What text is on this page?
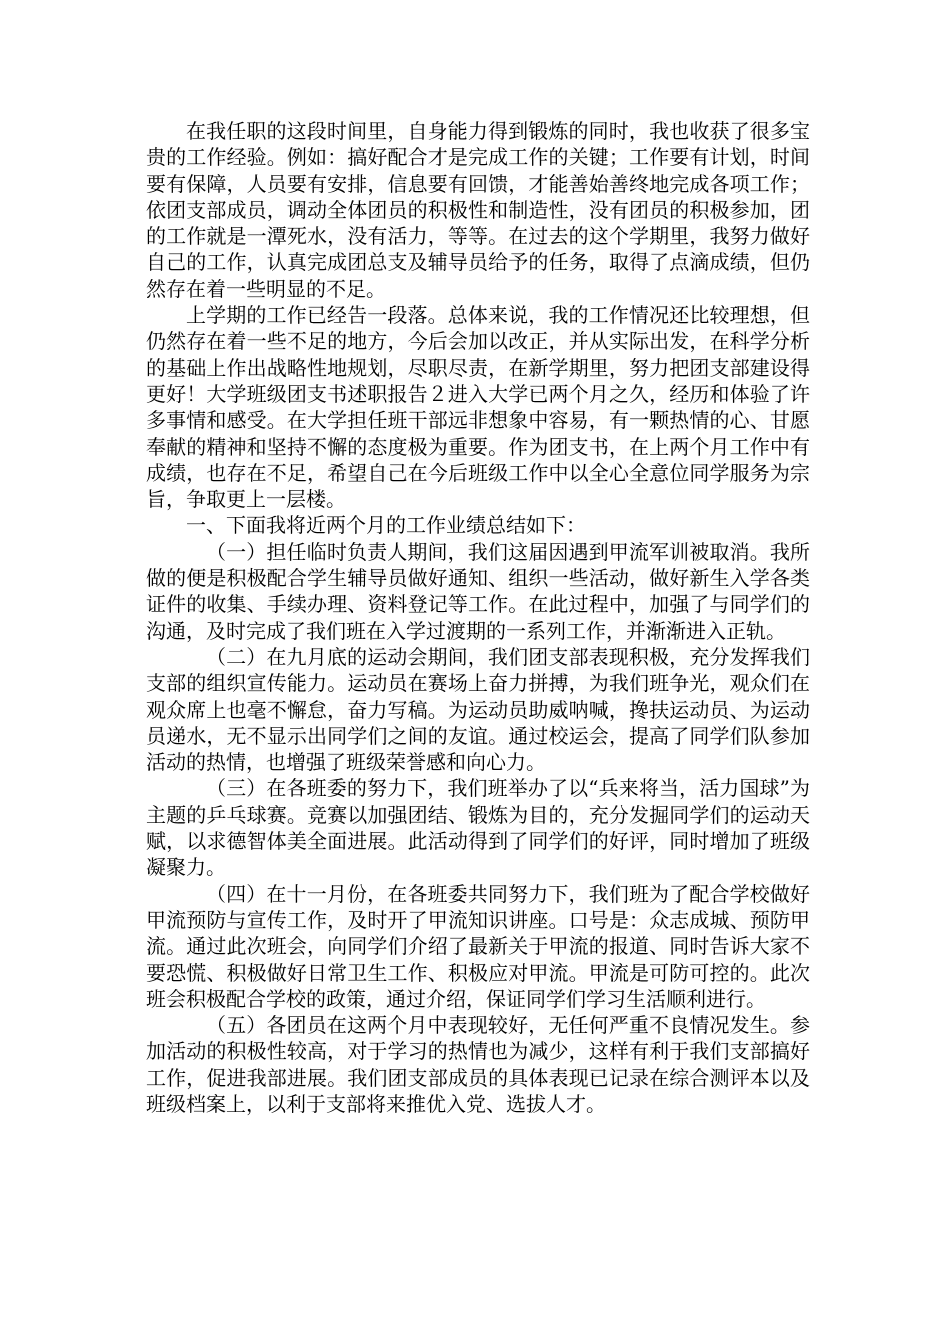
在我任职的这段时间里，自身能力得到锻炼的同时，我也收获了很多宝贵的工作经验。例如：搞好配合才是完成工作的关键；工作要有计划，时间要有保障，人员要有安排，信息要有回馈，才能善始善终地完成各项工作；依团支部成员，调动全体团员的积极性和制造性，没有团员的积极参加，团的工作就是一潭死水，没有活力，等等。在过去的这个学期里，我努力做好自己的工作，认真完成团总支及辅导员给予的任务，取得了点滴成绩，但仍然存在着一些明显的不足。

上学期的工作已经告一段落。总体来说，我的工作情况还比较理想，但仍然存在着一些不足的地方，今后会加以改正，并从实际出发，在科学分析的基础上作出战略性地规划，尽职尽责，在新学期里，努力把团支部建设得更好！大学班级团支书述职报告２进入大学已两个月之久，经历和体验了许多事情和感受。在大学担任班干部远非想象中容易，有一颗热情的心、甘愿奉献的精神和坚持不懈的态度极为重要。作为团支书，在上两个月工作中有成绩，也存在不足，希望自己在今后班级工作中以全心全意位同学服务为宗旨，争取更上一层楼。

一、下面我将近两个月的工作业绩总结如下：

（一）担任临时负责人期间，我们这届因遇到甲流军训被取消。我所做的便是积极配合学生辅导员做好通知、组织一些活动，做好新生入学各类证件的收集、手续办理、资料登记等工作。在此过程中，加强了与同学们的沟通，及时完成了我们班在入学过渡期的一系列工作，并渐渐进入正轨。

（二）在九月底的运动会期间，我们团支部表现积极，充分发挥我们支部的组织宣传能力。运动员在赛场上奋力拼搏，为我们班争光，观众们在观众席上也毫不懈怠，奋力写稿。为运动员助威呐喊，搀扶运动员、为运动员递水，无不显示出同学们之间的友谊。通过校运会，提高了同学们队参加活动的热情，也增强了班级荣誉感和向心力。

（三）在各班委的努力下，我们班举办了以“兵来将当，活力国球”为主题的乒乓球赛。竞赛以加强团结、锻炼为目的，充分发掘同学们的运动天赋，以求德智体美全面进展。此活动得到了同学们的好评，同时增加了班级凝聚力。

（四）在十一月份，在各班委共同努力下，我们班为了配合学校做好甲流预防与宣传工作，及时开了甲流知识讲座。口号是：众志成城、预防甲流。通过此次班会，向同学们介绍了最新关于甲流的报道、同时告诉大家不要恐慌、积极做好日常卫生工作、积极应对甲流。甲流是可防可控的。此次班会积极配合学校的政策，通过介绍，保证同学们学习生活顺利进行。

（五）各团员在这两个月中表现较好，无任何严重不良情况发生。参加活动的积极性较高，对于学习的热情也为减少，这样有利于我们支部搞好工作，促进我部进展。我们团支部成员的具体表现已记录在综合测评本以及班级档案上，以利于支部将来推优入党、选拔人才。
